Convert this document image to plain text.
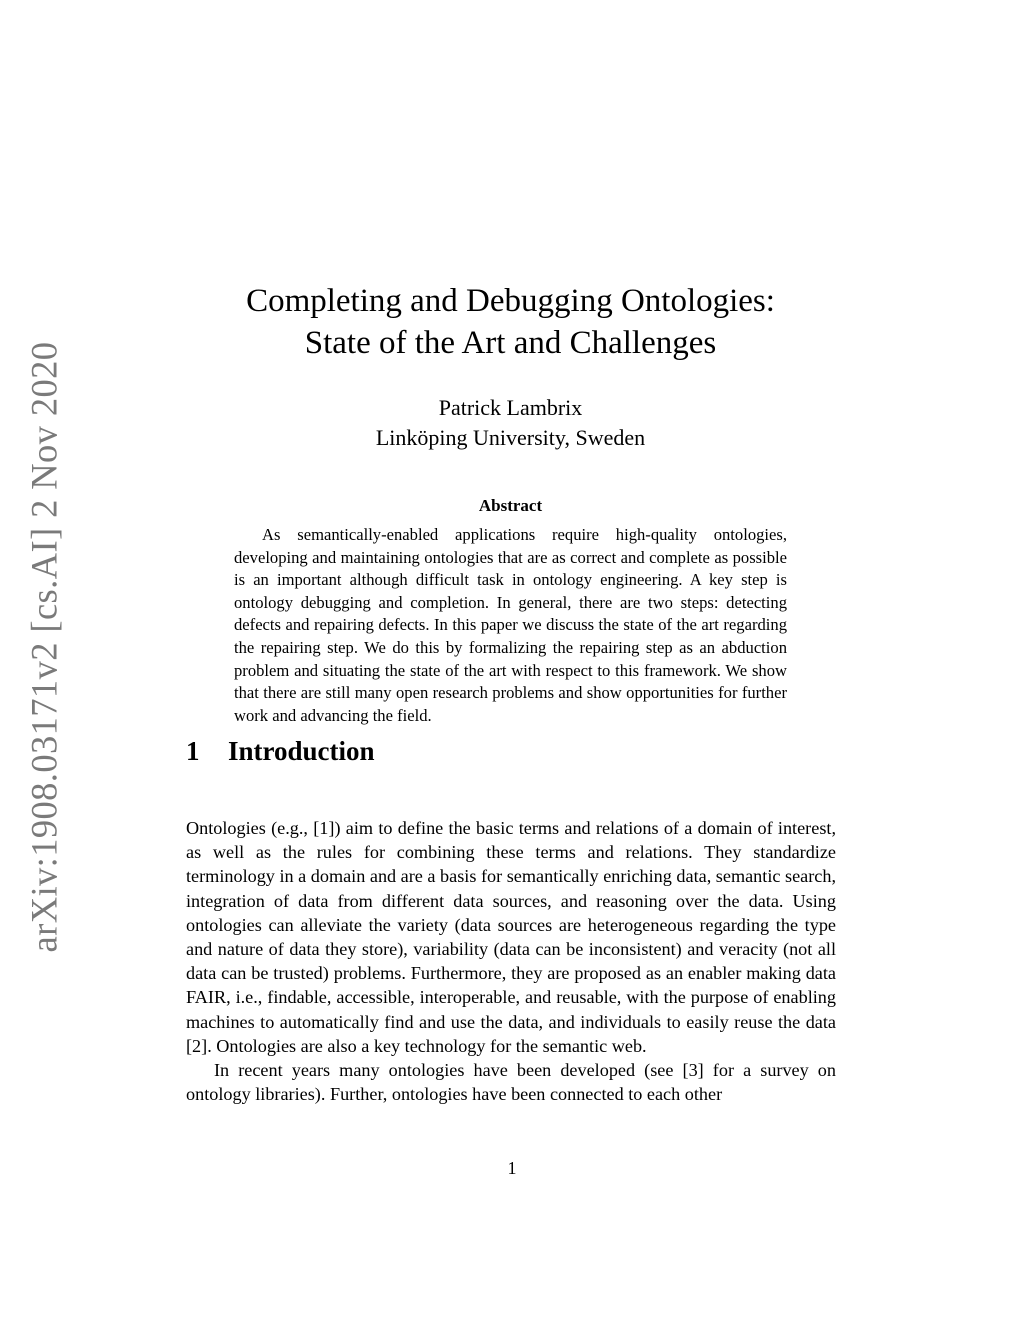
arXiv:1908.03171v2 [cs.AI] 2 Nov 2020
Completing and Debugging Ontologies:
State of the Art and Challenges
Patrick Lambrix
Linköping University, Sweden
Abstract
As semantically-enabled applications require high-quality ontologies, developing and maintaining ontologies that are as correct and complete as possible is an important although difficult task in ontology engineering. A key step is ontology debugging and completion. In general, there are two steps: detecting defects and repairing defects. In this paper we discuss the state of the art regarding the repairing step. We do this by formalizing the repairing step as an abduction problem and situating the state of the art with respect to this framework. We show that there are still many open research problems and show opportunities for further work and advancing the field.
1 Introduction

Ontologies (e.g., [1]) aim to define the basic terms and relations of a domain of interest, as well as the rules for combining these terms and relations. They standardize terminology in a domain and are a basis for semantically enriching data, semantic search, integration of data from different data sources, and reasoning over the data. Using ontologies can alleviate the variety (data sources are heterogeneous regarding the type and nature of data they store), variability (data can be inconsistent) and veracity (not all data can be trusted) problems. Furthermore, they are proposed as an enabler making data FAIR, i.e., findable, accessible, interoperable, and reusable, with the purpose of enabling machines to automatically find and use the data, and individuals to easily reuse the data [2]. Ontologies are also a key technology for the semantic web.

In recent years many ontologies have been developed (see [3] for a survey on ontology libraries). Further, ontologies have been connected to each other

1
